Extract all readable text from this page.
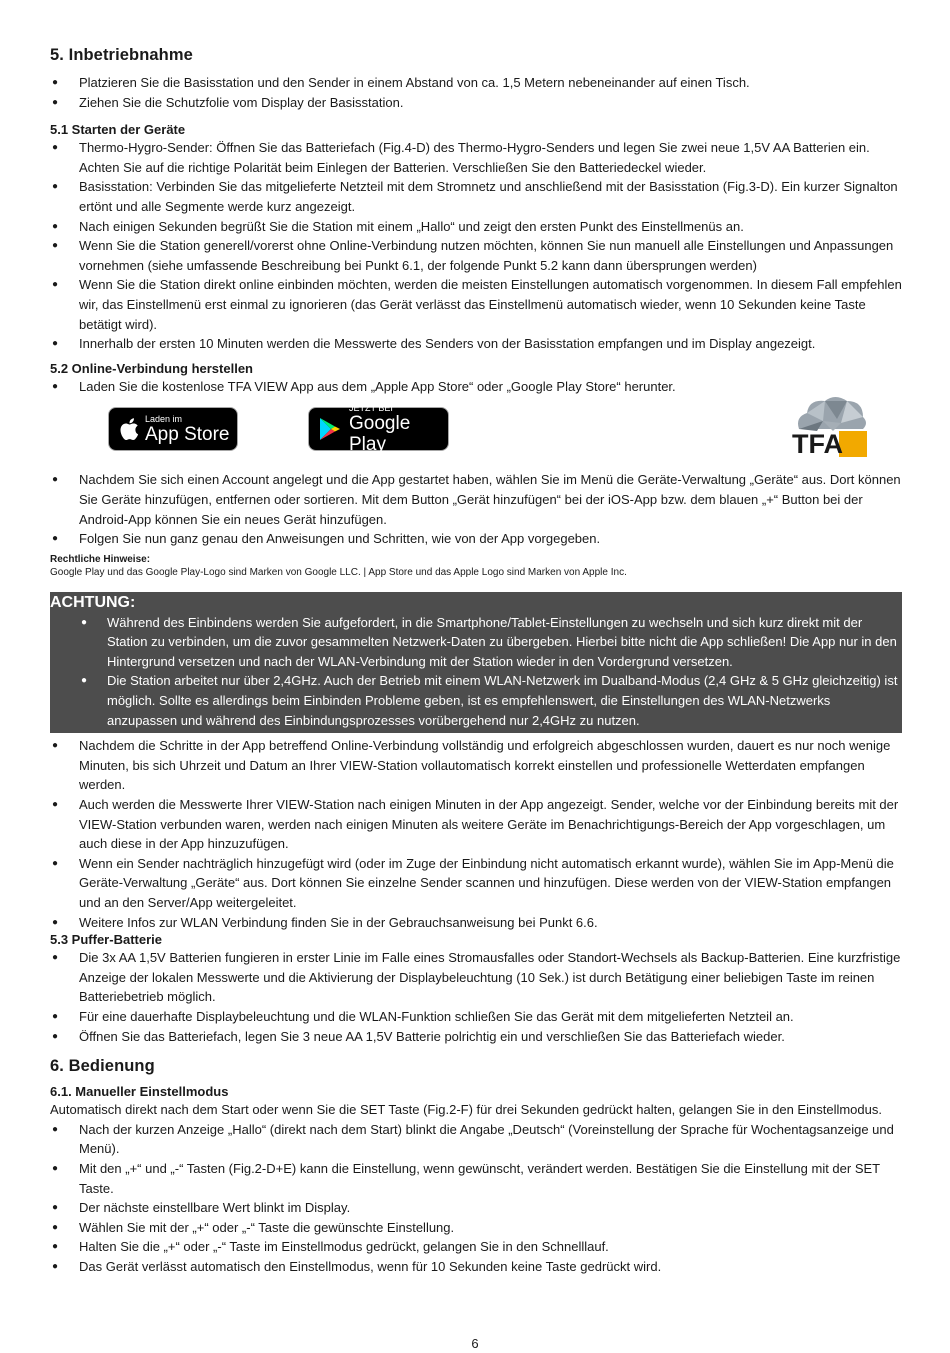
5. Inbetriebnahme
● Platzieren Sie die Basisstation und den Sender in einem Abstand von ca. 1,5 Metern nebeneinander auf einen Tisch.
● Ziehen Sie die Schutzfolie vom Display der Basisstation.
5.1 Starten der Geräte
● Thermo-Hygro-Sender: Öffnen Sie das Batteriefach (Fig.4-D) des Thermo-Hygro-Senders und legen Sie zwei neue 1,5V AA Batterien ein. Achten Sie auf die richtige Polarität beim Einlegen der Batterien. Verschließen Sie den Batteriedeckel wieder.
● Basisstation: Verbinden Sie das mitgelieferte Netzteil mit dem Stromnetz und anschließend mit der Basisstation (Fig.3-D). Ein kurzer Signalton ertönt und alle Segmente werde kurz angezeigt.
● Nach einigen Sekunden begrüßt Sie die Station mit einem „Hallo“ und zeigt den ersten Punkt des Einstellmenüs an.
● Wenn Sie die Station generell/vorerst ohne Online-Verbindung nutzen möchten, können Sie nun manuell alle Einstellungen und Anpassungen vornehmen (siehe umfassende Beschreibung bei Punkt 6.1, der folgende Punkt 5.2 kann dann übersprungen werden)
● Wenn Sie die Station direkt online einbinden möchten, werden die meisten Einstellungen automatisch vorgenommen. In diesem Fall empfehlen wir, das Einstellmenü erst einmal zu ignorieren (das Gerät verlässt das Einstellmenü automatisch wieder, wenn 10 Sekunden keine Taste betätigt wird).
● Innerhalb der ersten 10 Minuten werden die Messwerte des Senders von der Basisstation empfangen und im Display angezeigt.
5.2 Online-Verbindung herstellen
● Laden Sie die kostenlose TFA VIEW App aus dem „Apple App Store“ oder „Google Play Store“ herunter.
Laden im
App Store
JETZT BEI
Google Play	TFA
● Nachdem Sie sich einen Account angelegt und die App gestartet haben, wählen Sie im Menü die Geräte-Verwaltung „Geräte“ aus. Dort können Sie Geräte hinzufügen, entfernen oder sortieren. Mit dem Button „Gerät hinzufügen“ bei der iOS-App bzw. dem blauen „+“ Button bei der Android-App können Sie ein neues Gerät hinzufügen.
● Folgen Sie nun ganz genau den Anweisungen und Schritten, wie von der App vorgegeben.
Rechtliche Hinweise:
Google Play und das Google Play-Logo sind Marken von Google LLC. | App Store und das Apple Logo sind Marken von Apple Inc.
ACHTUNG:
● Während des Einbindens werden Sie aufgefordert, in die Smartphone/Tablet-Einstellungen zu wechseln und sich kurz direkt mit der Station zu verbinden, um die zuvor gesammelten Netzwerk-Daten zu übergeben. Hierbei bitte nicht die App schließen! Die App nur in den Hintergrund versetzen und nach der WLAN-Verbindung mit der Station wieder in den Vordergrund versetzen.
● Die Station arbeitet nur über 2,4GHz. Auch der Betrieb mit einem WLAN-Netzwerk im Dualband-Modus (2,4 GHz & 5 GHz gleichzeitig) ist möglich. Sollte es allerdings beim Einbinden Probleme geben, ist es empfehlenswert, die Einstellungen des WLAN-Netzwerks anzupassen und während des Einbindungsprozesses vorübergehend nur 2,4GHz zu nutzen.
● Nachdem die Schritte in der App betreffend Online-Verbindung vollständig und erfolgreich abgeschlossen wurden, dauert es nur noch wenige Minuten, bis sich Uhrzeit und Datum an Ihrer VIEW-Station vollautomatisch korrekt einstellen und professionelle Wetterdaten empfangen werden.
● Auch werden die Messwerte Ihrer VIEW-Station nach einigen Minuten in der App angezeigt. Sender, welche vor der Einbindung bereits mit der VIEW-Station verbunden waren, werden nach einigen Minuten als weitere Geräte im Benachrichtigungs-Bereich der App vorgeschlagen, um auch diese in der App hinzuzufügen.
● Wenn ein Sender nachträglich hinzugefügt wird (oder im Zuge der Einbindung nicht automatisch erkannt wurde), wählen Sie im App-Menü die Geräte-Verwaltung „Geräte“ aus. Dort können Sie einzelne Sender scannen und hinzufügen. Diese werden von der VIEW-Station empfangen und an den Server/App weitergeleitet.
● Weitere Infos zur WLAN Verbindung finden Sie in der Gebrauchsanweisung bei Punkt 6.6.
5.3 Puffer-Batterie
● Die 3x AA 1,5V Batterien fungieren in erster Linie im Falle eines Stromausfalles oder Standort-Wechsels als Backup-Batterien. Eine kurzfristige Anzeige der lokalen Messwerte und die Aktivierung der Displaybeleuchtung (10 Sek.) ist durch Betätigung einer beliebigen Taste im reinen Batteriebetrieb möglich.
● Für eine dauerhafte Displaybeleuchtung und die WLAN-Funktion schließen Sie das Gerät mit dem mitgelieferten Netzteil an.
● Öffnen Sie das Batteriefach, legen Sie 3 neue AA 1,5V Batterie polrichtig ein und verschließen Sie das Batteriefach wieder.
6. Bedienung
6.1. Manueller Einstellmodus

Automatisch direkt nach dem Start oder wenn Sie die SET Taste (Fig.2-F) für drei Sekunden gedrückt halten, gelangen Sie in den Einstellmodus.

● Nach der kurzen Anzeige „Hallo“ (direkt nach dem Start) blinkt die Angabe „Deutsch“ (Voreinstellung der Sprache für Wochentagsanzeige und Menü).
● Mit den „+“ und „-“ Tasten (Fig.2-D+E) kann die Einstellung, wenn gewünscht, verändert werden. Bestätigen Sie die Einstellung mit der SET Taste.
● Der nächste einstellbare Wert blinkt im Display.
● Wählen Sie mit der „+“ oder „-“ Taste die gewünschte Einstellung.
● Halten Sie die „+“ oder „-“ Taste im Einstellmodus gedrückt, gelangen Sie in den Schnelllauf.
● Das Gerät verlässt automatisch den Einstellmodus, wenn für 10 Sekunden keine Taste gedrückt wird.
6
